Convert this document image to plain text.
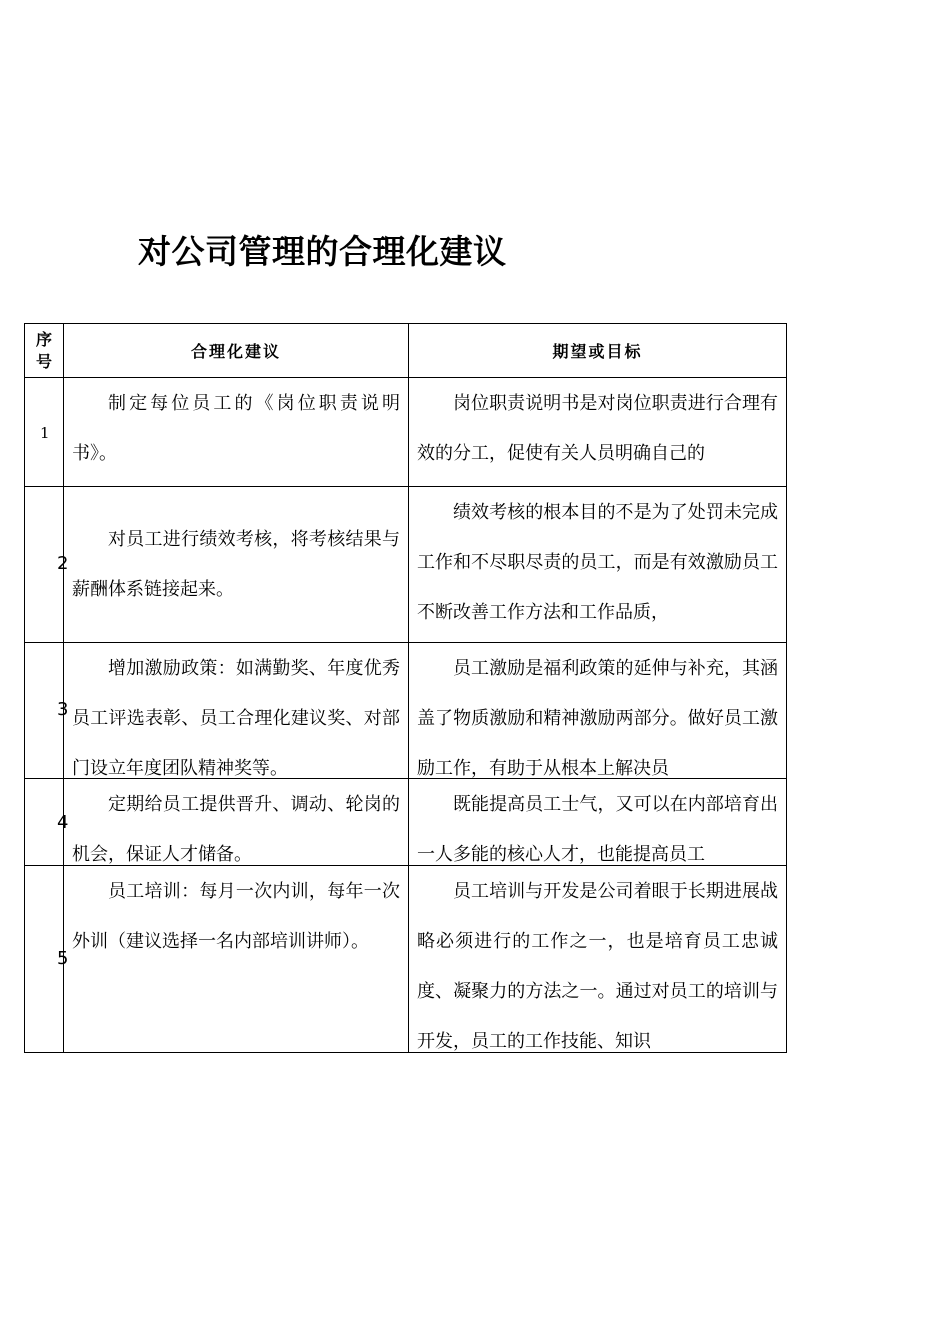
对公司管理的合理化建议
序号	合理化建议	期望或目标

1	制定每位员工的《岗位职责说明书》。	岗位职责说明书是对岗位职责进行合理有效的分工，促使有关人员明确自己的

2	对员工进行绩效考核，将考核结果与薪酬体系链接起来。	绩效考核的根本目的不是为了处罚未完成工作和不尽职尽责的员工，而是有效激励员工不断改善工作方法和工作品质，

3	增加激励政策：如满勤奖、年度优秀员工评选表彰、员工合理化建议奖、对部门设立年度团队精神奖等。	员工激励是福利政策的延伸与补充，其涵盖了物质激励和精神激励两部分。做好员工激励工作，有助于从根本上解决员

4	定期给员工提供晋升、调动、轮岗的机会，保证人才储备。	既能提高员工士气，又可以在内部培育出一人多能的核心人才，也能提高员工

5	员工培训：每月一次内训，每年一次外训（建议选择一名内部培训讲师）。	员工培训与开发是公司着眼于长期进展战略必须进行的工作之一，也是培育员工忠诚度、凝聚力的方法之一。通过对员工的培训与开发，员工的工作技能、知识
